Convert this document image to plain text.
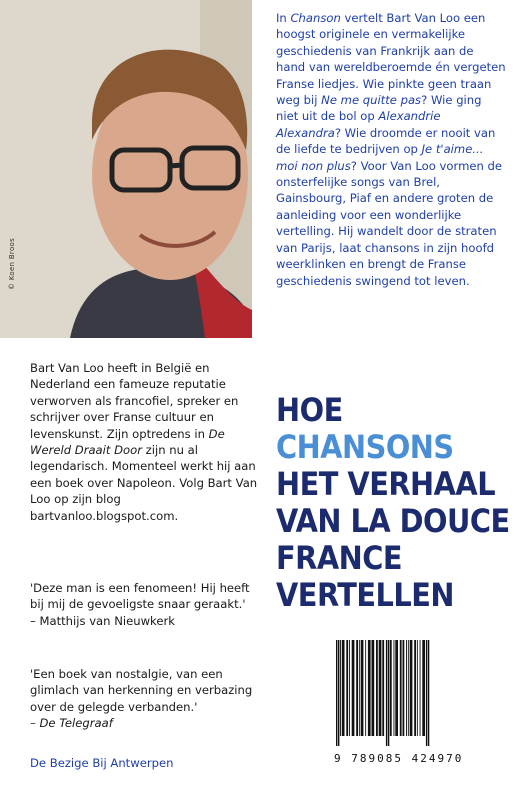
© Koen Broos

In Chanson vertelt Bart Van Loo een hoogst originele en vermakelijke geschiedenis van Frankrijk aan de hand van wereldberoemde én vergeten Franse liedjes. Wie pinkte geen traan weg bij Ne me quitte pas? Wie ging niet uit de bol op Alexandrie Alexandra? Wie droomde er nooit van de liefde te bedrijven op Je t'aime... moi non plus? Voor Van Loo vormen de onsterfelijke songs van Brel, Gainsbourg, Piaf en andere groten de aanleiding voor een wonderlijke vertelling. Hij wandelt door de straten van Parijs, laat chansons in zijn hoofd weerklinken en brengt de Franse geschiedenis swingend tot leven.

Bart Van Loo heeft in België en Nederland een fameuze reputatie verworven als francofiel, spreker en schrijver over Franse cultuur en levenskunst. Zijn optredens in De Wereld Draait Door zijn nu al legendarisch. Momenteel werkt hij aan een boek over Napoleon. Volg Bart Van Loo op zijn blog bartvanloo.blogspot.com.
'Deze man is een fenomeen! Hij heeft bij mij de gevoeligste snaar geraakt.'
– Matthijs van Nieuwkerk
'Een boek van nostalgie, van een glimlach van herkenning en verbazing over de gelegde verbanden.'
– De Telegraaf
HOE
CHANSONS
HET VERHAAL
VAN LA DOUCE
FRANCE
VERTELLEN
9 789085 424970
De Bezige Bij Antwerpen
